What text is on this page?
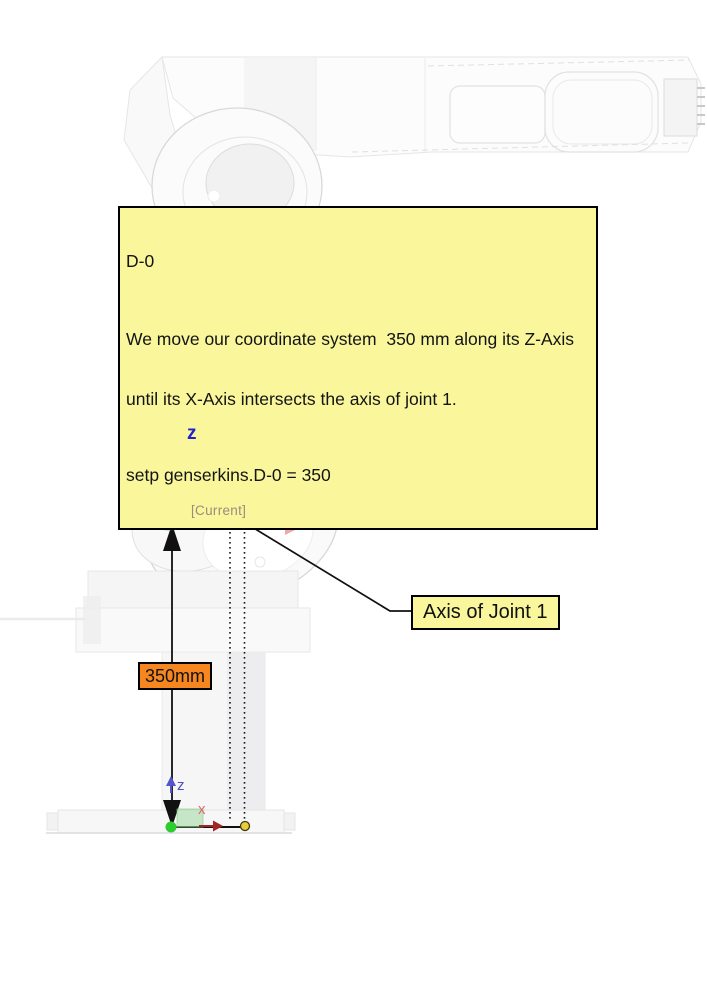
D-0

We move our coordinate system  350 mm along its Z-Axis

until its X-Axis intersects the axis of joint 1.

setp genserkins.D-0 = 350

Axis of Joint 1
350mm
[Current]
z
z
x
